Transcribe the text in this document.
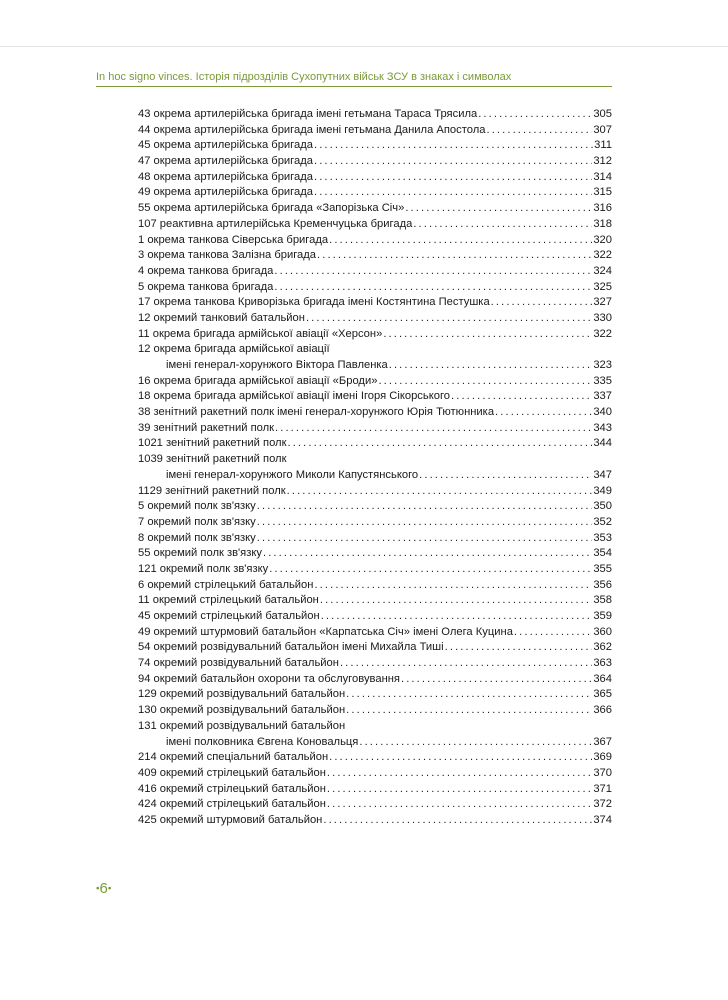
In hoc signo vinces. Історія підрозділів Сухопутних військ ЗСУ в знаках і символах
43 окрема артилерійська бригада імені гетьмана Тараса Трясила . . .	305
44 окрема артилерійська бригада імені гетьмана Данила Апостола . . .	307
45 окрема артилерійська бригада . . .	311
47 окрема артилерійська бригада . . .	312
48 окрема артилерійська бригада . . .	314
49 окрема артилерійська бригада . . .	315
55 окрема артилерійська бригада «Запорізька Січ» . . .	316
107 реактивна артилерійська Кременчуцька бригада . . .	318
1 окрема танкова Сіверська бригада . . .	320
3 окрема танкова Залізна бригада . . .	322
4 окрема танкова бригада . . .	324
5 окрема танкова бригада . . .	325
17 окрема танкова Криворізька бригада імені Костянтина Пестушка . . .	327
12 окремий танковий батальйон . . .	330
11 окрема бригада армійської авіації «Херсон» . . .	322
12 окрема бригада армійської авіації
імені генерал-хорунжого Віктора Павленка . . .	323
16 окрема бригада армійської авіації «Броди» . . .	335
18 окрема бригада армійської авіації імені Ігоря Сікорського . . .	337
38 зенітний ракетний полк імені генерал-хорунжого Юрія Тютюнника . . .	340
39 зенітний ракетний полк . . .	343
1021 зенітний ракетний полк . . .	344
1039 зенітний ракетний полк
імені генерал-хорунжого Миколи Капустянського . . .	347
1129 зенітний ракетний полк . . .	349
5 окремий полк зв'язку . . .	350
7 окремий полк зв'язку . . .	352
8 окремий полк зв'язку . . .	353
55 окремий полк зв'язку . . .	354
121 окремий полк зв'язку . . .	355
6 окремий стрілецький батальйон . . .	356
11 окремий стрілецький батальйон . . .	358
45 окремий стрілецький батальйон . . .	359
49 окремий штурмовий батальйон «Карпатська Січ» імені Олега Куцина . . .	360
54 окремий розвідувальний батальйон імені Михайла Тиші . . .	362
74 окремий розвідувальний батальйон . . .	363
94 окремий батальйон охорони та обслуговування . . .	364
129 окремий розвідувальний батальйон . . .	365
130 окремий розвідувальний батальйон . . .	366
131 окремий розвідувальний батальйон
імені полковника Євгена Коновальця . . .	367
214 окремий спеціальний батальйон . . .	369
409 окремий стрілецький батальйон . . .	370
416 окремий стрілецький батальйон . . .	371
424 окремий стрілецький батальйон . . .	372
425 окремий штурмовий батальйон . . .	374
•6•
